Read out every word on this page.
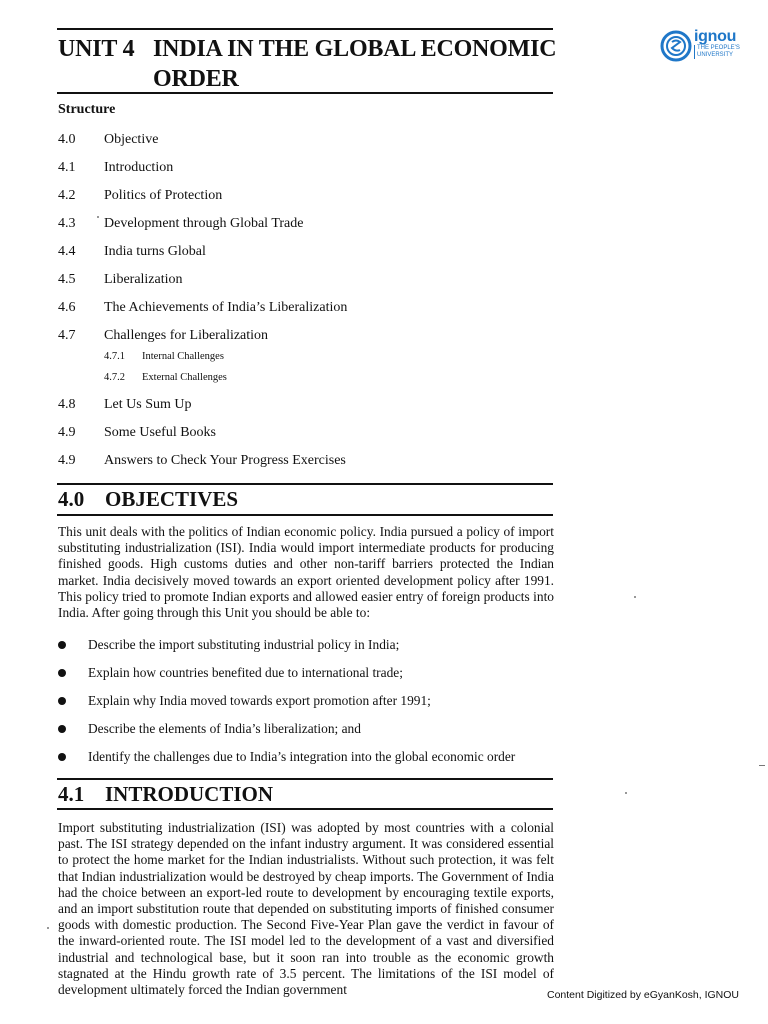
UNIT 4 INDIA IN THE GLOBAL ECONOMIC
ORDER
ignou
THE PEOPLE'S
UNIVERSITY
Structure
4.0 Objective
4.1 Introduction
4.2 Politics of Protection
4.3 Development through Global Trade
4.4 India turns Global
4.5 Liberalization
4.6 The Achievements of India’s Liberalization
4.7 Challenges for Liberalization
4.7.1 Internal Challenges
4.7.2 External Challenges
4.8 Let Us Sum Up
4.9 Some Useful Books
4.9 Answers to Check Your Progress Exercises
4.0 OBJECTIVES
This unit deals with the politics of Indian economic policy. India pursued a policy of import substituting industrialization (ISI). India would import intermediate products for producing finished goods. High customs duties and other non-tariff barriers protected the Indian market. India decisively moved towards an export oriented development policy after 1991. This policy tried to promote Indian exports and allowed easier entry of foreign products into India. After going through this Unit you should be able to:
Describe the import substituting industrial policy in India;
Explain how countries benefited due to international trade;
Explain why India moved towards export promotion after 1991;
Describe the elements of India’s liberalization; and
Identify the challenges due to India’s integration into the global economic order
4.1 INTRODUCTION
Import substituting industrialization (ISI) was adopted by most countries with a colonial past. The ISI strategy depended on the infant industry argument. It was considered essential to protect the home market for the Indian industrialists. Without such protection, it was felt that Indian industrialization would be destroyed by cheap imports. The Government of India had the choice between an export-led route to development by encouraging textile exports, and an import substitution route that depended on substituting imports of finished consumer goods with domestic production. The Second Five-Year Plan gave the verdict in favour of the inward-oriented route. The ISI model led to the development of a vast and diversified industrial and technological base, but it soon ran into trouble as the economic growth stagnated at the Hindu growth rate of 3.5 percent. The limitations of the ISI model of development ultimately forced the Indian government	Content Digitized by eGyanKosh, IGNOU
